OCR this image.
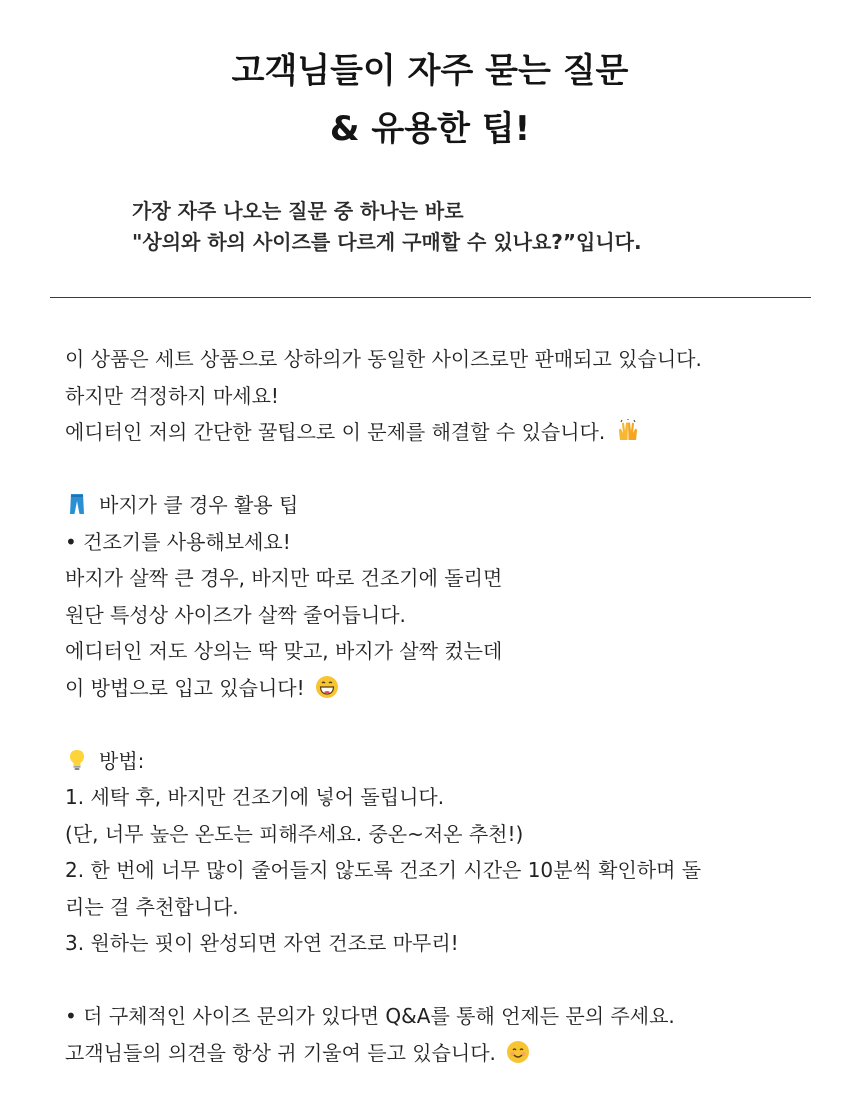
고객님들이 자주 묻는 질문
& 유용한 팁!
가장 자주 나오는 질문 중 하나는 바로
"상의와 하의 사이즈를 다르게 구매할 수 있나요?”입니다.
이 상품은 세트 상품으로 상하의가 동일한 사이즈로만 판매되고 있습니다.
하지만 걱정하지 마세요!
에디터인 저의 간단한 꿀팁으로 이 문제를 해결할 수 있습니다.
바지가 클 경우 활용 팁
• 건조기를 사용해보세요!
바지가 살짝 큰 경우, 바지만 따로 건조기에 돌리면
원단 특성상 사이즈가 살짝 줄어듭니다.
에디터인 저도 상의는 딱 맞고, 바지가 살짝 컸는데
이 방법으로 입고 있습니다!
방법:
1. 세탁 후, 바지만 건조기에 넣어 돌립니다.
(단, 너무 높은 온도는 피해주세요. 중온~저온 추천!)
2. 한 번에 너무 많이 줄어들지 않도록 건조기 시간은 10분씩 확인하며 돌
리는 걸 추천합니다.
3. 원하는 핏이 완성되면 자연 건조로 마무리!
• 더 구체적인 사이즈 문의가 있다면 Q&A를 통해 언제든 문의 주세요.
고객님들의 의견을 항상 귀 기울여 듣고 있습니다.
